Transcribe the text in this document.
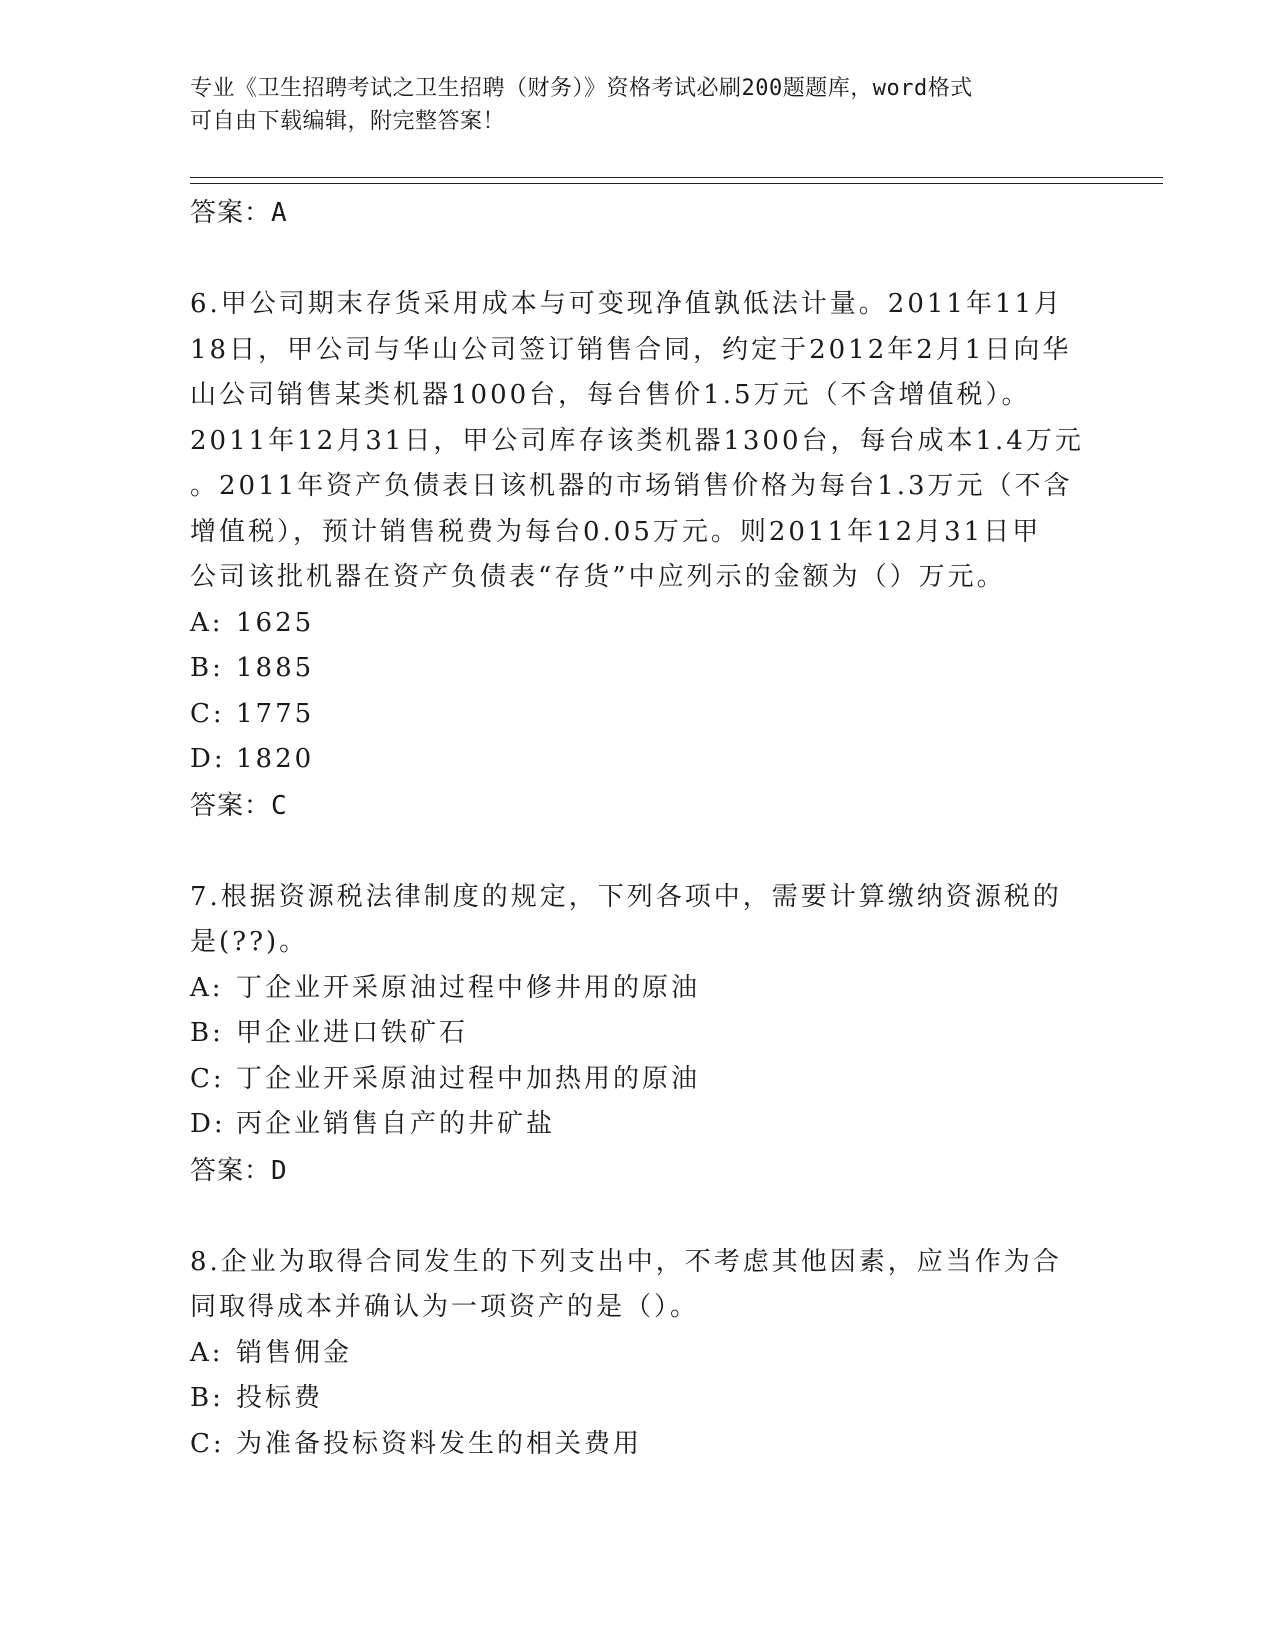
专业《卫生招聘考试之卫生招聘（财务）》资格考试必刷200题题库，word格式
可自由下载编辑，附完整答案！
答案：A
6.甲公司期末存货采用成本与可变现净值孰低法计量。2011年11月
18日，甲公司与华山公司签订销售合同，约定于2012年2月1日向华
山公司销售某类机器1000台，每台售价1.5万元（不含增值税）。
2011年12月31日，甲公司库存该类机器1300台，每台成本1.4万元
。2011年资产负债表日该机器的市场销售价格为每台1.3万元（不含
增值税），预计销售税费为每台0.05万元。则2011年12月31日甲
公司该批机器在资产负债表“存货”中应列示的金额为（）万元。
A: 1625
B: 1885
C: 1775
D: 1820
答案：C
7.根据资源税法律制度的规定，下列各项中，需要计算缴纳资源税的
是(??)。
A: 丁企业开采原油过程中修井用的原油
B: 甲企业进口铁矿石
C: 丁企业开采原油过程中加热用的原油
D: 丙企业销售自产的井矿盐
答案：D
8.企业为取得合同发生的下列支出中，不考虑其他因素，应当作为合
同取得成本并确认为一项资产的是（）。
A: 销售佣金
B: 投标费
C: 为准备投标资料发生的相关费用
